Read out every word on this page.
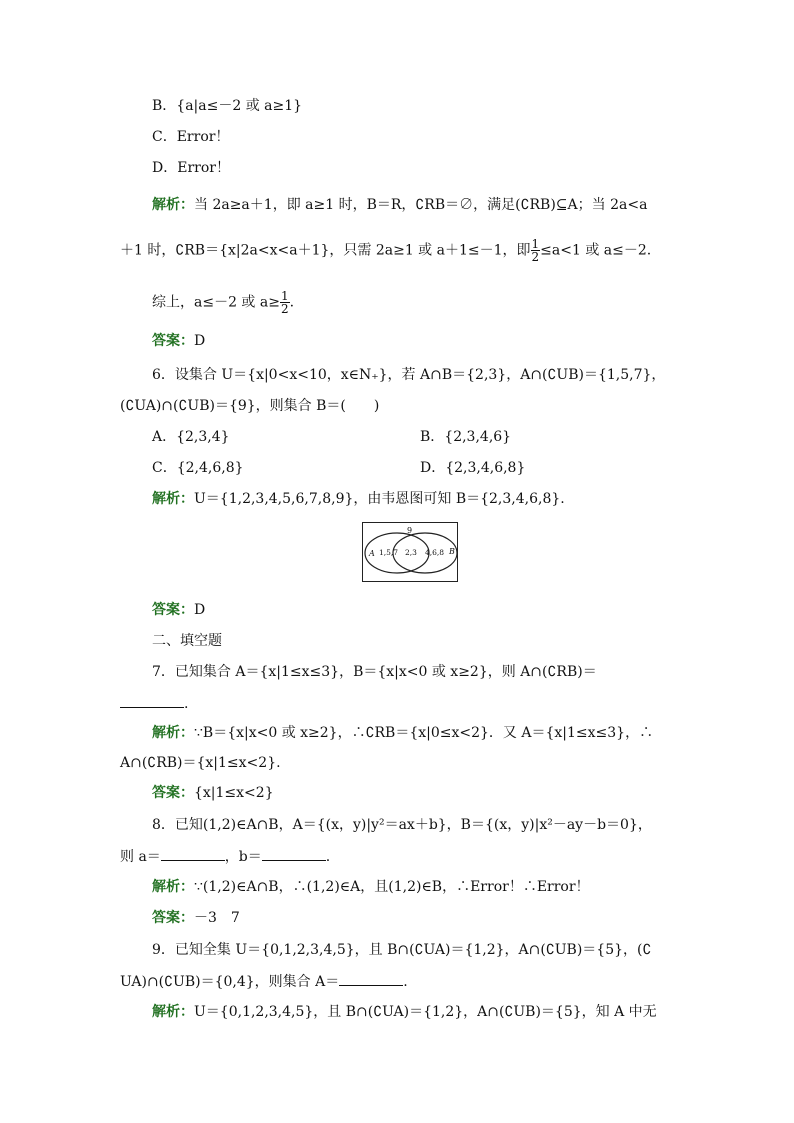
B．{a|a≤－2 或 a≥1}
C．Error！
D．Error！
解析：当 2a≥a＋1，即 a≥1 时，B＝R，∁RB＝∅，满足(∁RB)⊆A；当 2a<a
＋1 时，∁RB＝{x|2a<x<a＋1}，只需 2a≥1 或 a＋1≤－1，即 $\frac{1}{2} \le a<1$ 或 a≤－2.
综上，a≤－2 或 $a\ge \frac{1}{2}$ .
答案：D
6．设集合 U＝{x|0<x<10，x∈N₊}，若 A∩B＝{2,3}，A∩(∁UB)＝{1,5,7}，
(∁UA)∩(∁UB)＝{9}，则集合 B＝(　　)
A．{2,3,4}	B．{2,3,4,6}
C．{2,4,6,8}	D．{2,3,4,6,8}
解析：U＝{1,2,3,4,5,6,7,8,9}，由韦恩图可知 B＝{2,3,4,6,8}.
9
A	B
1,5,7 2,3 4,6,8
答案：D
二、填空题
7．已知集合 A＝{x|1≤x≤3}，B＝{x|x<0 或 x≥2}，则 A∩(∁RB)＝
.
解析：∵B＝{x|x<0 或 x≥2}，∴∁RB＝{x|0≤x<2}．又 A＝{x|1≤x≤3}，∴
A∩(∁RB)＝{x|1≤x<2}.
答案：{x|1≤x<2}
8．已知(1,2)∈A∩B，A＝{(x，y)|y²＝ax＋b}，B＝{(x，y)|x²－ay－b＝0}，
则 a＝	，b＝	.
解析：∵(1,2)∈A∩B，∴(1,2)∈A，且(1,2)∈B，∴Error！∴Error！
答案：－3　7
9．已知全集 U＝{0,1,2,3,4,5}，且 B∩(∁UA)＝{1,2}，A∩(∁UB)＝{5}，(∁
UA)∩(∁UB)＝{0,4}，则集合 A＝	.
解析：U＝{0,1,2,3,4,5}，且 B∩(∁UA)＝{1,2}，A∩(∁UB)＝{5}，知 A 中无
